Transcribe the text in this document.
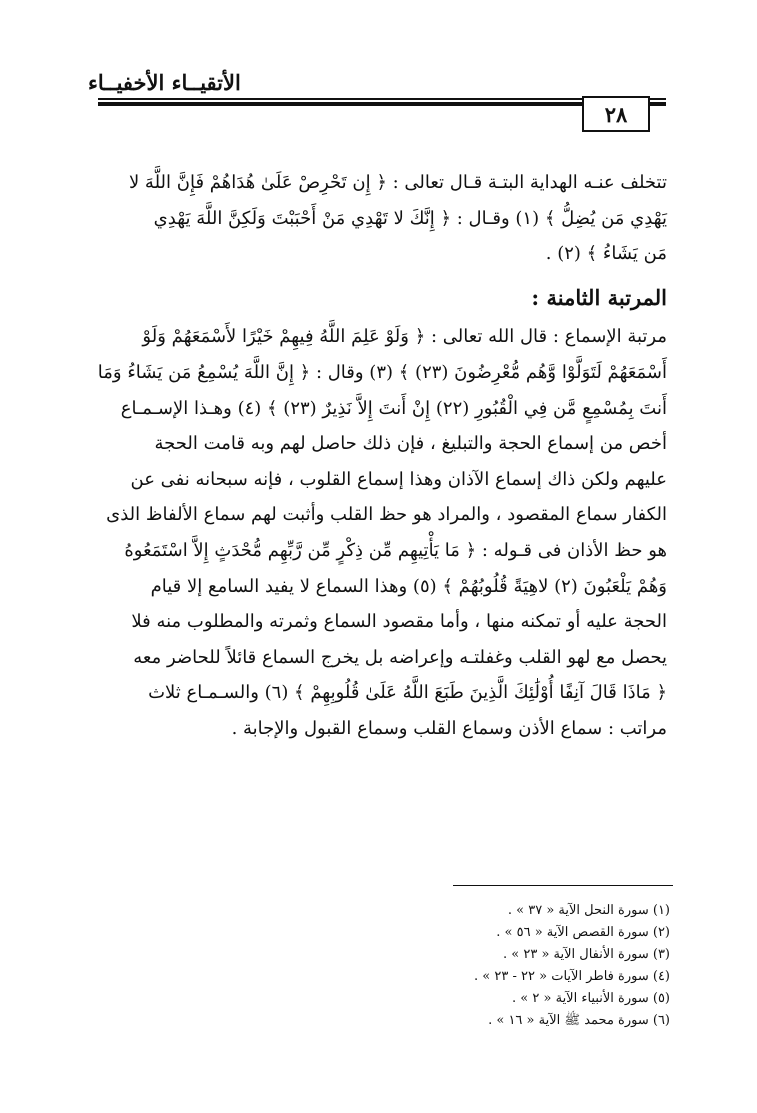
الأتقيــاء الأخفيــاء
٢٨
تتخلف عنـه الهداية البتـة قـال تعالى : ﴿ إِن تَحْرِصْ عَلَىٰ هُدَاهُمْ فَإِنَّ اللَّهَ لا
يَهْدِي مَن يُضِلُّ ﴾ (١) وقـال : ﴿ إِنَّكَ لا تَهْدِي مَنْ أَحْبَبْتَ وَلَكِنَّ اللَّهَ يَهْدِي
مَن يَشَاءُ ﴾ (٢) .
المرتبة الثامنة :
مرتبة الإسماع : قال الله تعالى : ﴿ وَلَوْ عَلِمَ اللَّهُ فِيهِمْ خَيْرًا لأَسْمَعَهُمْ وَلَوْ
أَسْمَعَهُمْ لَتَوَلَّوْا وَّهُم مُّعْرِضُونَ (٢٣) ﴾ (٣) وقال : ﴿ إِنَّ اللَّهَ يُسْمِعُ مَن يَشَاءُ وَمَا
أَنتَ بِمُسْمِعٍ مَّن فِي الْقُبُورِ (٢٢) إِنْ أَنتَ إِلاَّ نَذِيرٌ (٢٣) ﴾ (٤) وهـذا الإسـمـاع
أخص من إسماع الحجة والتبليغ ، فإن ذلك حاصل لهم وبه قامت الحجة
عليهم ولكن ذاك إسماع الآذان وهذا إسماع القلوب ، فإنه سبحانه نفى عن
الكفار سماع المقصود ، والمراد هو حظ القلب وأثبت لهم سماع الألفاظ الذى
هو حظ الأذان فى قـوله : ﴿ مَا يَأْتِيهِم مِّن ذِكْرٍ مِّن رَّبِّهِم مُّحْدَثٍ إِلاَّ اسْتَمَعُوهُ
وَهُمْ يَلْعَبُونَ (٢) لاهِيَةً قُلُوبُهُمْ ﴾ (٥) وهذا السماع لا يفيد السامع إلا قيام
الحجة عليه أو تمكنه منها ، وأما مقصود السماع وثمرته والمطلوب منه فلا
يحصل مع لهو القلب وغفلتـه وإعراضه بل يخرج السماع قائلاً للحاضر معه
﴿ مَاذَا قَالَ آنِفًا أُوْلَٰئِكَ الَّذِينَ طَبَعَ اللَّهُ عَلَىٰ قُلُوبِهِمْ ﴾ (٦) والسـمـاع ثلاث
مراتب : سماع الأذن وسماع القلب وسماع القبول والإجابة .
(١) سورة النحل الآية « ٣٧ » .
(٢) سورة القصص الآية « ٥٦ » .
(٣) سورة الأنفال الآية « ٢٣ » .
(٤) سورة فاطر الآيات « ٢٢ - ٢٣ » .
(٥) سورة الأنبياء الآية « ٢ » .
(٦) سورة محمد ﷺ الآية « ١٦ » .
